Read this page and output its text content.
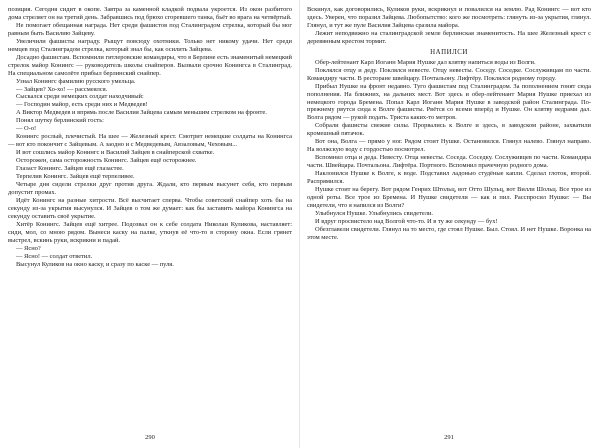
позиция. Сегодня сидит в окопе. Завтра за каменной кладкой подвала укроется. Из окон разбитого дома стреляет он на третий день. Забравшись под брюхо сгоревшего танка, бьёт во врага на четвёртый.

Не помогает обещанная награда. Нет среди фашистов под Сталинградом стрелка, который бы мог равным быть Василию Зайцеву.

Увеличили фашисты награду. Рыщут повсюду охотники. Только нет никому удачи. Нет среди немцев под Сталинградом стрелка, который знал бы, как осилить Зайцева.

Досадно фашистам. Вспомнили гитлеровские командиры, что в Берлине есть знаменитый немецкий стрелок майор Конингс — руководитель школы снайперов. Вызвали срочно Конингса в Сталинград. На специальном самолёте прибыл берлинский снайпер.

Узнал Конингс фамилию русского умельца.

— Зайцев? Хо-хо! — рассмеялся.

Сыскался среди немецких солдат находчивый:

— Господин майор, есть среди них и Медведев!

А Виктор Медведев и впрямь после Василия Зайцева самым меньшим стрелком на фронте.

Понял шутку берлинский гость:

— О-о!

Конингс рослый, плечистый. На шее — Железный крест. Смотрит немецкие солдаты на Конингса — вот кто покончит с Зайцевым. А заодно и с Медведевым, Авзаловым, Чеховым...

И вот сошлись майор Конингс и Василий Зайцев в снайперской схватке.

Осторожен, сама осторожность Конингс. Зайцев ещё осторожнее.

Глазаст Конингс. Зайцев ещё глазастее.

Терпелив Конингс. Зайцев ещё терпеливее.

Четыре дня сидели стрелки друг против друга. Ждали, кто первым высунет себя, кто первым допустит промах.

Идёт Конингс на разные хитрости. Всё высчитает сперва. Чтобы советский снайпер хоть бы на секунду из-за укрытия высунулся. И Зайцев о том же думает: как бы заставить майора Конингса на секунду оставить своё укрытие.

Хитёр Конингс. Зайцев ещё хитрее. Подозвал он к себе солдата Николаи Куликова, наставляет: сиди, мол, со мною рядом. Вынеси каску на палке, уткнув её что-то в сторону окна. Если грянет выстрел, вскинь руки, вскрикни и падай.

— Ясно?

— Ясно! — солдат ответил.

Высунул Куликов на окно каску, и сразу по каске — пуля.

290

Вскинул, как договорились, Куликов руки, вскрикнул и повалился на землю. Рад Конингс — вот кто здесь. Уверен, что поразил Зайцева. Любопытство: кого же посмотреть: глянуть из-за укрытия, глянул. Глянул, и тут же пуле Василия Зайцева сразила майора.

Лежит неподвижно на сталинградской земле берлинская знаменитость. На шее Железный крест с деревянным крестом тормит.

НАПИЛСИ

Обер-лейтенант Карл Иоганн Мария Нушке дал клятву напиться воды из Волги.

Поклялся отцу и деду. Поклялся невесте. Отцу невесты. Соседу. Соседке. Сослуживцам по части. Командиру части. В ресторане швейцару. Почтальону. Лифтёру. Поклялся родному городу.

Прибыл Нушке на фронт недавно. Туго фашистам под Сталинградом. За пополнением гонят сюда пополнения. На ближних, на дальних мест. Вот здесь и обер-лейтенант Мария Нушке приехал из немецкого города Бремена. Попал Карл Иоганн Мария Нушке в заводской район Сталинграда. По-прежнему рвутся сюда к Волге фашисты. Рвётся со всеми вперёд и Нушке. Он клятву ведрами дал. Волга рядом — рукой подать. Триста каких-то метров.

Собрали фашисты свежие силы. Прорвались к Волге и здесь, в заводском районе, захватили кромешный пятачок.

Вот она, Волга — прямо у ног. Рядом стоит Нушке. Остановился. Глянул налево. Глянул направо. На волжскую воду с гордостью посмотрел.

Вспомнил отца и деда. Невесту. Отца невесты. Соседа. Соседку. Сослуживцев по части. Командира части. Швейцара. Почтальона. Лифтёра. Портного. Вспомнил прачечную родного дома.

Наклонился Нушке к Волге, к воде. Подставил ладонью студёные капли. Сделал глоток, второй. Распрямился.

Нушке стоит на берегу. Вот рядом Генрих Штольц, вот Отто Шульц, вот Вилли Шольц. Все трое из одной роты. Все трое из Бремена. И Нушке свидетели — как и пил. Расспросил Нушке: — Вы свидетели, что я напился из Волги?

Улыбнулся Нушке. Улыбнулись свидетели.

И вдруг просвистело над Волгой что-то. И в ту же секунду — бух!

Обезглавели свидетели. Глянул на то место, где стоял Нушке. Был. Стоял. И нет Нушке. Воронка на этом месте.

291
